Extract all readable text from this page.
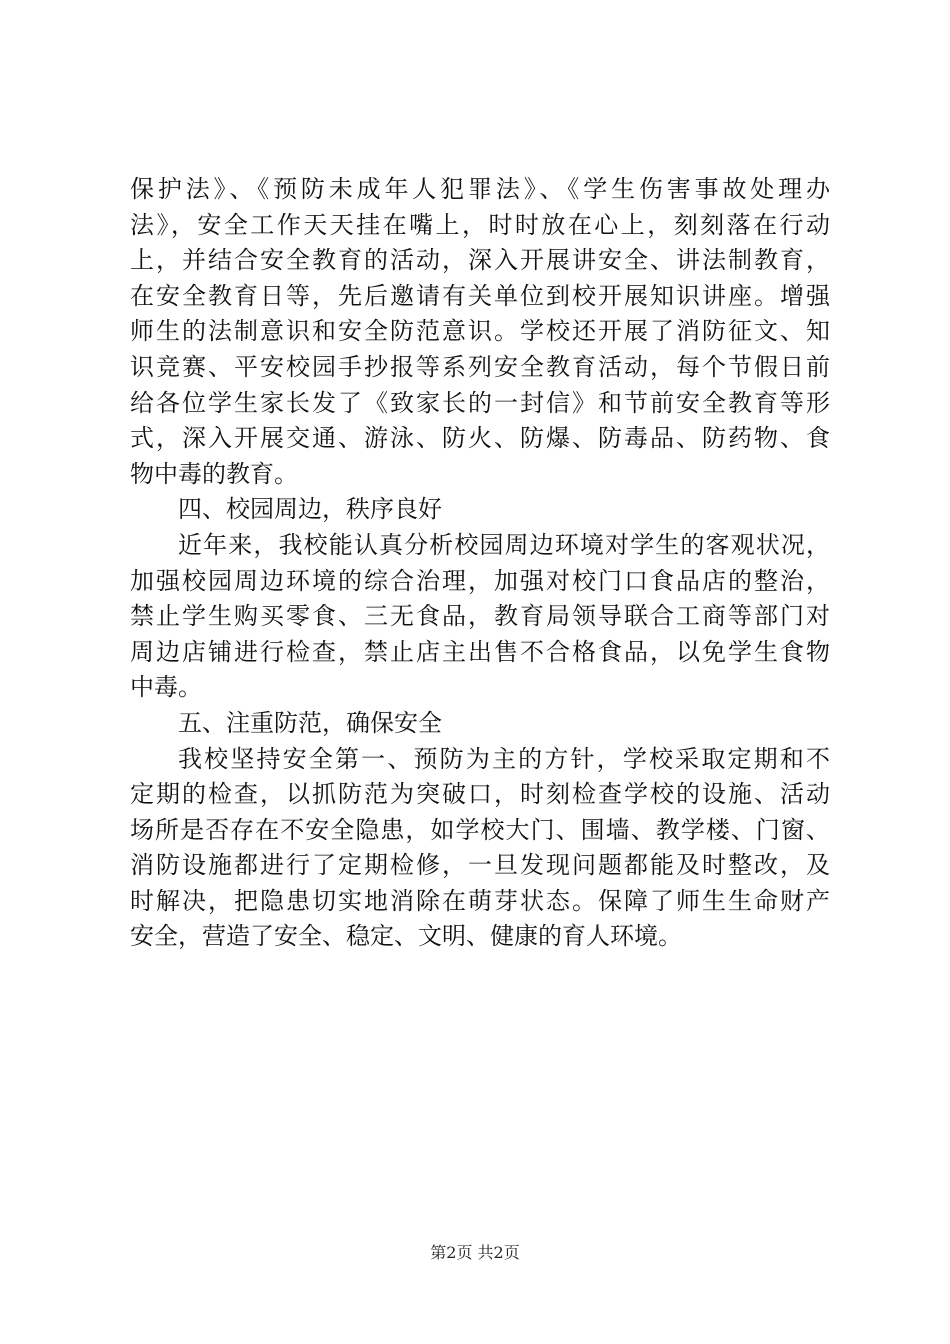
保护法》、《预防未成年人犯罪法》、《学生伤害事故处理办
法》，安全工作天天挂在嘴上，时时放在心上，刻刻落在行动
上，并结合安全教育的活动，深入开展讲安全、讲法制教育，
在安全教育日等，先后邀请有关单位到校开展知识讲座。增强
师生的法制意识和安全防范意识。学校还开展了消防征文、知
识竞赛、平安校园手抄报等系列安全教育活动，每个节假日前
给各位学生家长发了《致家长的一封信》和节前安全教育等形
式，深入开展交通、游泳、防火、防爆、防毒品、防药物、食
物中毒的教育。
四、校园周边，秩序良好
近年来，我校能认真分析校园周边环境对学生的客观状况，
加强校园周边环境的综合治理，加强对校门口食品店的整治，
禁止学生购买零食、三无食品，教育局领导联合工商等部门对
周边店铺进行检查，禁止店主出售不合格食品，以免学生食物
中毒。
五、注重防范，确保安全
我校坚持安全第一、预防为主的方针，学校采取定期和不
定期的检查，以抓防范为突破口，时刻检查学校的设施、活动
场所是否存在不安全隐患，如学校大门、围墙、教学楼、门窗、
消防设施都进行了定期检修，一旦发现问题都能及时整改，及
时解决，把隐患切实地消除在萌芽状态。保障了师生生命财产
安全，营造了安全、稳定、文明、健康的育人环境。
第2页 共2页
